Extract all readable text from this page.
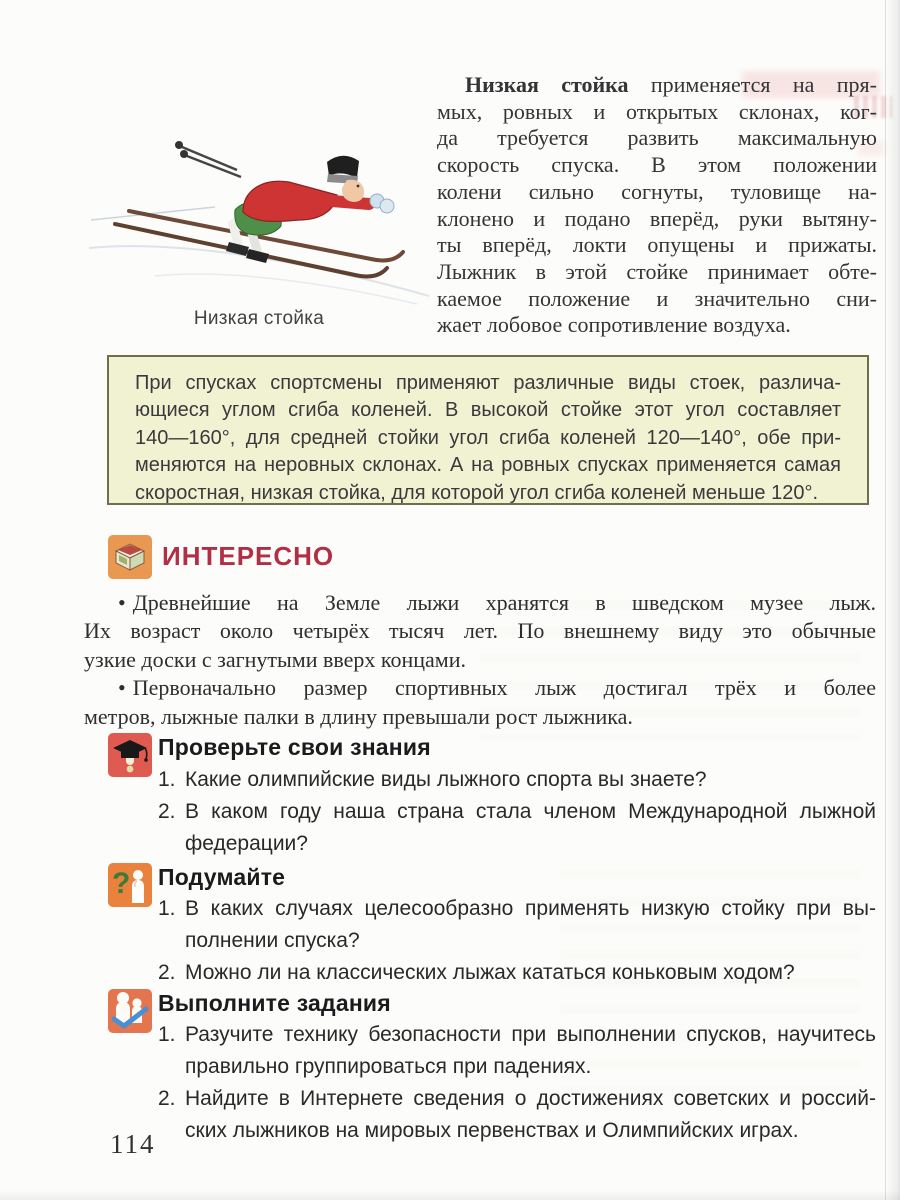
Низкая стойка применяется на пря-
мых, ровных и открытых склонах, ког-
да требуется развить максимальную
скорость спуска. В этом положении
колени сильно согнуты, туловище на-
клонено и подано вперёд, руки вытяну-
ты вперёд, локти опущены и прижаты.
Лыжник в этой стойке принимает обте-
каемое положение и значительно сни-
жает лобовое сопротивление воздуха.
Низкая стойка
При спусках спортсмены применяют различные виды стоек, различа-
ющиеся углом сгиба коленей. В высокой стойке этот угол составляет
140—160°, для средней стойки угол сгиба коленей 120—140°, обе при-
меняются на неровных склонах. А на ровных спусках применяется самая
скоростная, низкая стойка, для которой угол сгиба коленей меньше 120°.
ИНТЕРЕСНО
• Древнейшие на Земле лыжи хранятся в шведском музее лыж.
Их возраст около четырёх тысяч лет. По внешнему виду это обычные
узкие доски с загнутыми вверх концами.
• Первоначально размер спортивных лыж достигал трёх и более
метров, лыжные палки в длину превышали рост лыжника.
Проверьте свои знания
1. Какие олимпийские виды лыжного спорта вы знаете?
2. В каком году наша страна стала членом Международной лыжной
федерации?
? Подумайте
1. В каких случаях целесообразно применять низкую стойку при вы-
полнении спуска?
2. Можно ли на классических лыжах кататься коньковым ходом?
Выполните задания
1. Разучите технику безопасности при выполнении спусков, научитесь
правильно группироваться при падениях.
2. Найдите в Интернете сведения о достижениях советских и россий-
ских лыжников на мировых первенствах и Олимпийских играх.
114
